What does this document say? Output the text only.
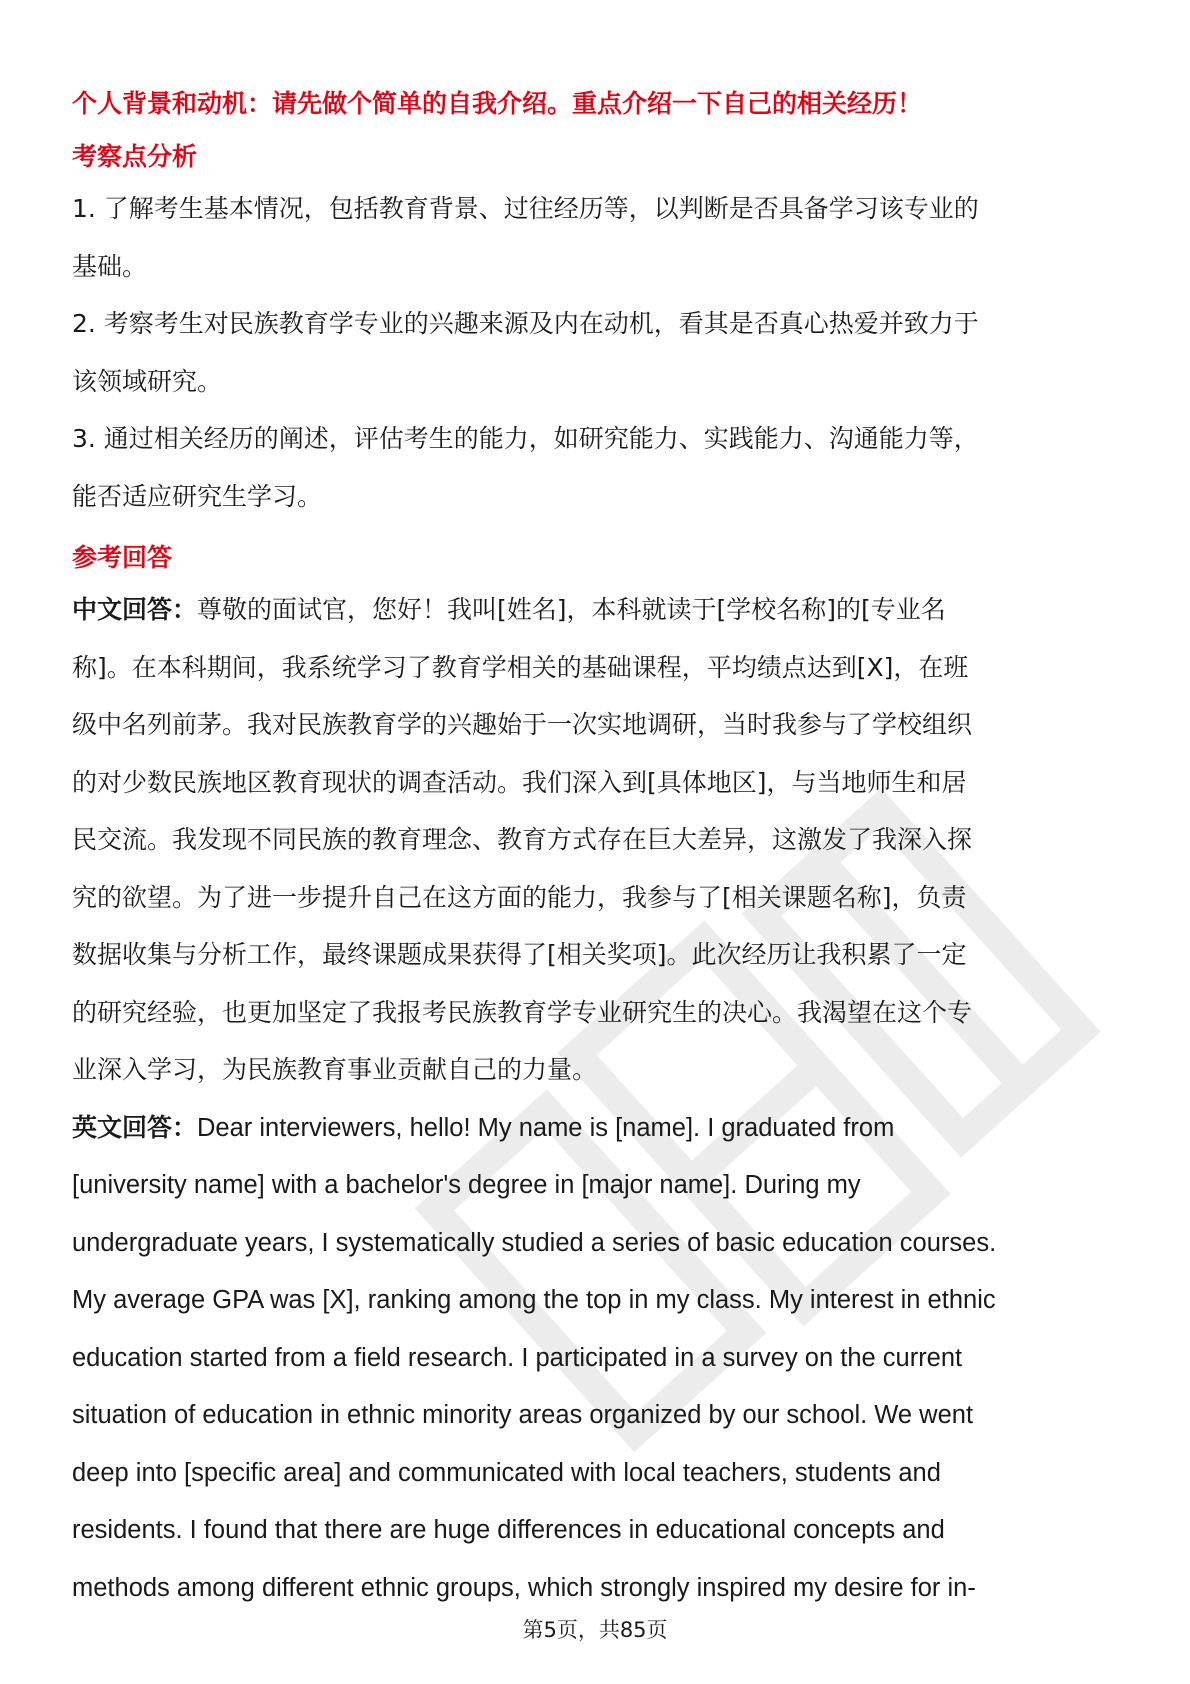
个人背景和动机：请先做个简单的自我介绍。重点介绍一下自己的相关经历！
考察点分析
1. 了解考生基本情况，包括教育背景、过往经历等，以判断是否具备学习该专业的
基础。
2. 考察考生对民族教育学专业的兴趣来源及内在动机，看其是否真心热爱并致力于
该领域研究。
3. 通过相关经历的阐述，评估考生的能力，如研究能力、实践能力、沟通能力等，
能否适应研究生学习。
参考回答
中文回答：尊敬的面试官，您好！我叫[姓名]，本科就读于[学校名称]的[专业名
称]。在本科期间，我系统学习了教育学相关的基础课程，平均绩点达到[X]，在班
级中名列前茅。我对民族教育学的兴趣始于一次实地调研，当时我参与了学校组织
的对少数民族地区教育现状的调查活动。我们深入到[具体地区]，与当地师生和居
民交流。我发现不同民族的教育理念、教育方式存在巨大差异，这激发了我深入探
究的欲望。为了进一步提升自己在这方面的能力，我参与了[相关课题名称]，负责
数据收集与分析工作，最终课题成果获得了[相关奖项]。此次经历让我积累了一定
的研究经验，也更加坚定了我报考民族教育学专业研究生的决心。我渴望在这个专
业深入学习，为民族教育事业贡献自己的力量。
英文回答：Dear interviewers, hello! My name is [name]. I graduated from
[university name] with a bachelor's degree in [major name]. During my
undergraduate years, I systematically studied a series of basic education courses.
My average GPA was [X], ranking among the top in my class. My interest in ethnic
education started from a field research. I participated in a survey on the current
situation of education in ethnic minority areas organized by our school. We went
deep into [specific area] and communicated with local teachers, students and
residents. I found that there are huge differences in educational concepts and
methods among different ethnic groups, which strongly inspired my desire for in-
第5页，共85页
